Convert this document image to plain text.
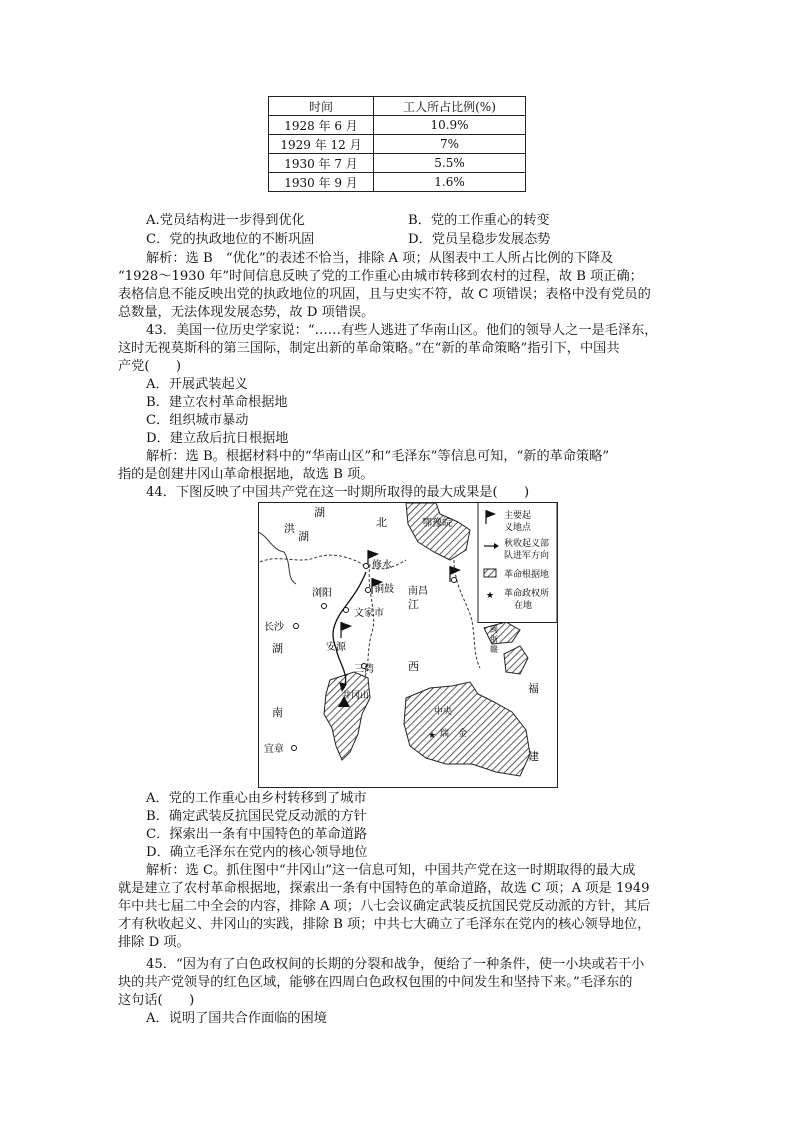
时间	工人所占比例(%)
1928 年 6 月	10.9%
1929 年 12 月	7%
1930 年 7 月	5.5%
1930 年 9 月	1.6%
A.党员结构进一步得到优化	B．党的工作重心的转变
C．党的执政地位的不断巩固	D．党员呈稳步发展态势
解析：选 B　“优化”的表述不恰当，排除 A 项；从图表中工人所占比例的下降及
“1928～1930 年”时间信息反映了党的工作重心由城市转移到农村的过程，故 B 项正确；
表格信息不能反映出党的执政地位的巩固，且与史实不符，故 C 项错误；表格中没有党员的
总数量，无法体现发展态势，故 D 项错误。
43．美国一位历史学家说：“……有些人逃进了华南山区。他们的领导人之一是毛泽东，
这时无视莫斯科的第三国际，制定出新的革命策略。”在“新的革命策略”指引下，中国共
产党(　　)
A．开展武装起义
B．建立农村革命根据地
C．组织城市暴动
D．建立敌后抗日根据地
解析：选 B。根据材料中的“华南山区”和“毛泽东”等信息可知，“新的革命策略”
指的是创建井冈山革命根据地，故选 B 项。
44．下图反映了中国共产党在这一时期所取得的最大成果是(　　)
★
湖
北
洪
湖
修水
铜鼓
浏阳	南昌
江
长沙
文家市
湖	安源
三湾	西
井冈山
南	中央
瑞　金
宜章
福
建
鄂豫皖
闽
浙
赣
主要起
义地点
秋收起义部
队进军方向
革命根据地
★ 革命政权所
在地
A．党的工作重心由乡村转移到了城市
B．确定武装反抗国民党反动派的方针
C．探索出一条有中国特色的革命道路
D．确立毛泽东在党内的核心领导地位
解析：选 C。抓住图中“井冈山”这一信息可知，中国共产党在这一时期取得的最大成
就是建立了农村革命根据地，探索出一条有中国特色的革命道路，故选 C 项；A 项是 1949
年中共七届二中全会的内容，排除 A 项；八七会议确定武装反抗国民党反动派的方针，其后
才有秋收起义、井冈山的实践，排除 B 项；中共七大确立了毛泽东在党内的核心领导地位，
排除 D 项。
45．“因为有了白色政权间的长期的分裂和战争，便给了一种条件，使一小块或若干小
块的共产党领导的红色区域，能够在四周白色政权包围的中间发生和坚持下来。”毛泽东的
这句话(　　)
A．说明了国共合作面临的困境
